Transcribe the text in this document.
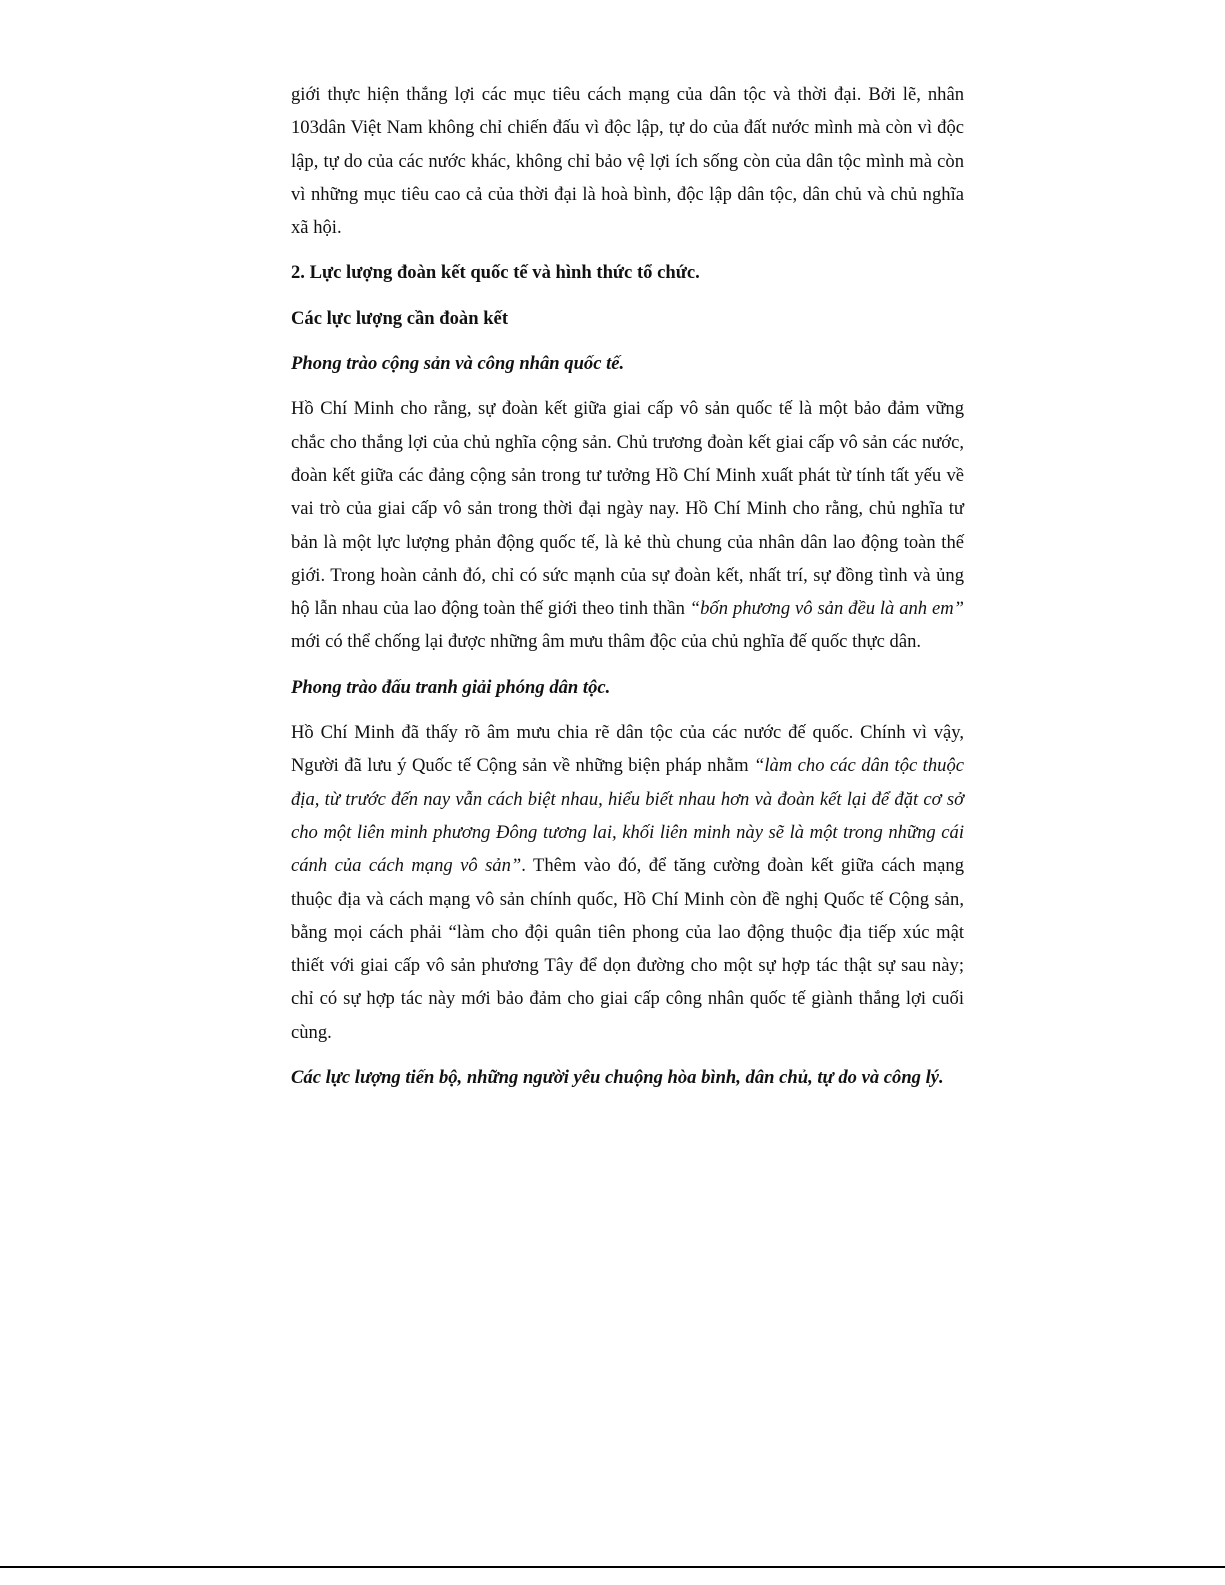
giới thực hiện thắng lợi các mục tiêu cách mạng của dân tộc và thời đại. Bởi lẽ, nhân 103dân Việt Nam không chỉ chiến đấu vì độc lập, tự do của đất nước mình mà còn vì độc lập, tự do của các nước khác, không chỉ bảo vệ lợi ích sống còn của dân tộc mình mà còn vì những mục tiêu cao cả của thời đại là hoà bình, độc lập dân tộc, dân chủ và chủ nghĩa xã hội.

2. Lực lượng đoàn kết quốc tế và hình thức tổ chức.

Các lực lượng cần đoàn kết

Phong trào cộng sản và công nhân quốc tế.

Hồ Chí Minh cho rằng, sự đoàn kết giữa giai cấp vô sản quốc tế là một bảo đảm vững chắc cho thắng lợi của chủ nghĩa cộng sản. Chủ trương đoàn kết giai cấp vô sản các nước, đoàn kết giữa các đảng cộng sản trong tư tưởng Hồ Chí Minh xuất phát từ tính tất yếu về vai trò của giai cấp vô sản trong thời đại ngày nay. Hồ Chí Minh cho rằng, chủ nghĩa tư bản là một lực lượng phản động quốc tế, là kẻ thù chung của nhân dân lao động toàn thế giới. Trong hoàn cảnh đó, chỉ có sức mạnh của sự đoàn kết, nhất trí, sự đồng tình và ủng hộ lẫn nhau của lao động toàn thế giới theo tinh thần “bốn phương vô sản đều là anh em” mới có thể chống lại được những âm mưu thâm độc của chủ nghĩa đế quốc thực dân.

Phong trào đấu tranh giải phóng dân tộc.

Hồ Chí Minh đã thấy rõ âm mưu chia rẽ dân tộc của các nước đế quốc. Chính vì vậy, Người đã lưu ý Quốc tế Cộng sản về những biện pháp nhằm “làm cho các dân tộc thuộc địa, từ trước đến nay vẫn cách biệt nhau, hiểu biết nhau hơn và đoàn kết lại để đặt cơ sở cho một liên minh phương Đông tương lai, khối liên minh này sẽ là một trong những cái cánh của cách mạng vô sản”. Thêm vào đó, để tăng cường đoàn kết giữa cách mạng thuộc địa và cách mạng vô sản chính quốc, Hồ Chí Minh còn đề nghị Quốc tế Cộng sản, bằng mọi cách phải “làm cho đội quân tiên phong của lao động thuộc địa tiếp xúc mật thiết với giai cấp vô sản phương Tây để dọn đường cho một sự hợp tác thật sự sau này; chỉ có sự hợp tác này mới bảo đảm cho giai cấp công nhân quốc tế giành thắng lợi cuối cùng.

Các lực lượng tiến bộ, những người yêu chuộng hòa bình, dân chủ, tự do và công lý.
